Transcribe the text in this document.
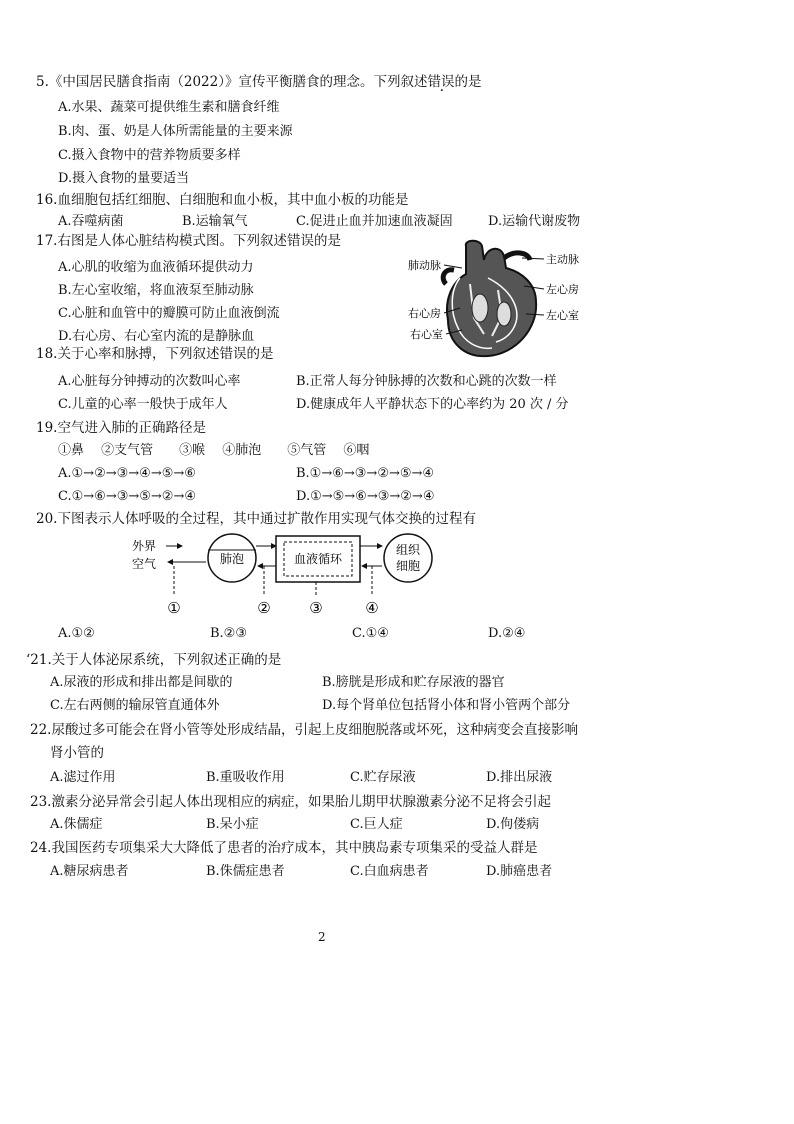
5.《中国居民膳食指南（2022）》宣传平衡膳食的理念。下列叙述错误的是
A.水果、蔬菜可提供维生素和膳食纤维
B.肉、蛋、奶是人体所需能量的主要来源
C.摄入食物中的营养物质要多样
D.摄入食物的量要适当
16.血细胞包括红细胞、白细胞和血小板，其中血小板的功能是
A.吞噬病菌	B.运输氧气	C.促进止血并加速血液凝固	D.运输代谢废物
17.右图是人体心脏结构模式图。下列叙述错误的是
A.心肌的收缩为血液循环提供动力
B.左心室收缩，将血液泵至肺动脉
C.心脏和血管中的瓣膜可防止血液倒流
D.右心房、右心室内流的是静脉血
肺动脉
右心房
右心室
主动脉
左心房
左心室
18.关于心率和脉搏，下列叙述错误的是
A.心脏每分钟搏动的次数叫心率	B.正常人每分钟脉搏的次数和心跳的次数一样
C.儿童的心率一般快于成年人	D.健康成年人平静状态下的心率约为 20 次 / 分
19.空气进入肺的正确路径是
①鼻　 ②支气管　　③喉　 ④肺泡　　⑤气管　 ⑥咽
A.①→②→③→④→⑤→⑥	B.①→⑥→③→②→⑤→④
C.①→⑥→③→⑤→②→④	D.①→⑤→⑥→③→②→④
20.下图表示人体呼吸的全过程，其中通过扩散作用实现气体交换的过程有
外界
空气	肺泡	血液循环
组织
细胞
①	②	③	④
A.①②	B.②③	C.①④	D.②④
‘21.关于人体泌尿系统，下列叙述正确的是
A.尿液的形成和排出都是间歇的	B.膀胱是形成和贮存尿液的器官
C.左右两侧的输尿管直通体外	D.每个肾单位包括肾小体和肾小管两个部分
22.尿酸过多可能会在肾小管等处形成结晶，引起上皮细胞脱落或坏死，这种病变会直接影响
肾小管的
A.滤过作用	B.重吸收作用	C.贮存尿液	D.排出尿液
23.激素分泌异常会引起人体出现相应的病症，如果胎儿期甲状腺激素分泌不足将会引起
A.侏儒症	B.呆小症	C.巨人症	D.佝偻病
24.我国医药专项集采大大降低了患者的治疗成本，其中胰岛素专项集采的受益人群是
A.糖尿病患者	B.侏儒症患者	C.白血病患者	D.肺癌患者
2
